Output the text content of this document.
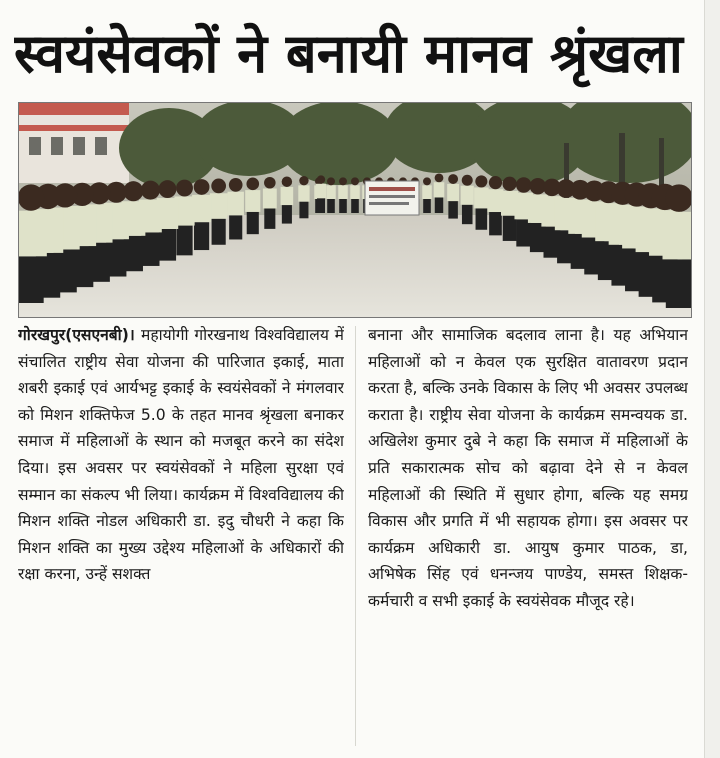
स्वयंसेवकों ने बनायी मानव श्रृंखला
गोरखपुर(एसएनबी)। महायोगी गोरखनाथ विश्वविद्यालय में संचालित राष्ट्रीय सेवा योजना की पारिजात इकाई, माता शबरी इकाई एवं आर्यभट्ट इकाई के स्वयंसेवकों ने मंगलवार को मिशन शक्तिफेज 5.0 के तहत मानव श्रृंखला बनाकर समाज में महिलाओं के स्थान को मजबूत करने का संदेश दिया। इस अवसर पर स्वयंसेवकों ने महिला सुरक्षा एवं सम्मान का संकल्प भी लिया। कार्यक्रम में विश्वविद्यालय की मिशन शक्ति नोडल अधिकारी डा. इदु चौधरी ने कहा कि मिशन शक्ति का मुख्य उद्देश्य महिलाओं के अधिकारों की रक्षा करना, उन्हें सशक्त
बनाना और सामाजिक बदलाव लाना है। यह अभियान महिलाओं को न केवल एक सुरक्षित वातावरण प्रदान करता है, बल्कि उनके विकास के लिए भी अवसर उपलब्ध कराता है। राष्ट्रीय सेवा योजना के कार्यक्रम समन्वयक डा. अखिलेश कुमार दुबे ने कहा कि समाज में महिलाओं के प्रति सकारात्मक सोच को बढ़ावा देने से न केवल महिलाओं की स्थिति में सुधार होगा, बल्कि यह समग्र विकास और प्रगति में भी सहायक होगा। इस अवसर पर कार्यक्रम अधिकारी डा. आयुष कुमार पाठक, डा, अभिषेक सिंह एवं धनन्जय पाण्डेय, समस्त शिक्षक-कर्मचारी व सभी इकाई के स्वयंसेवक मौजूद रहे।
